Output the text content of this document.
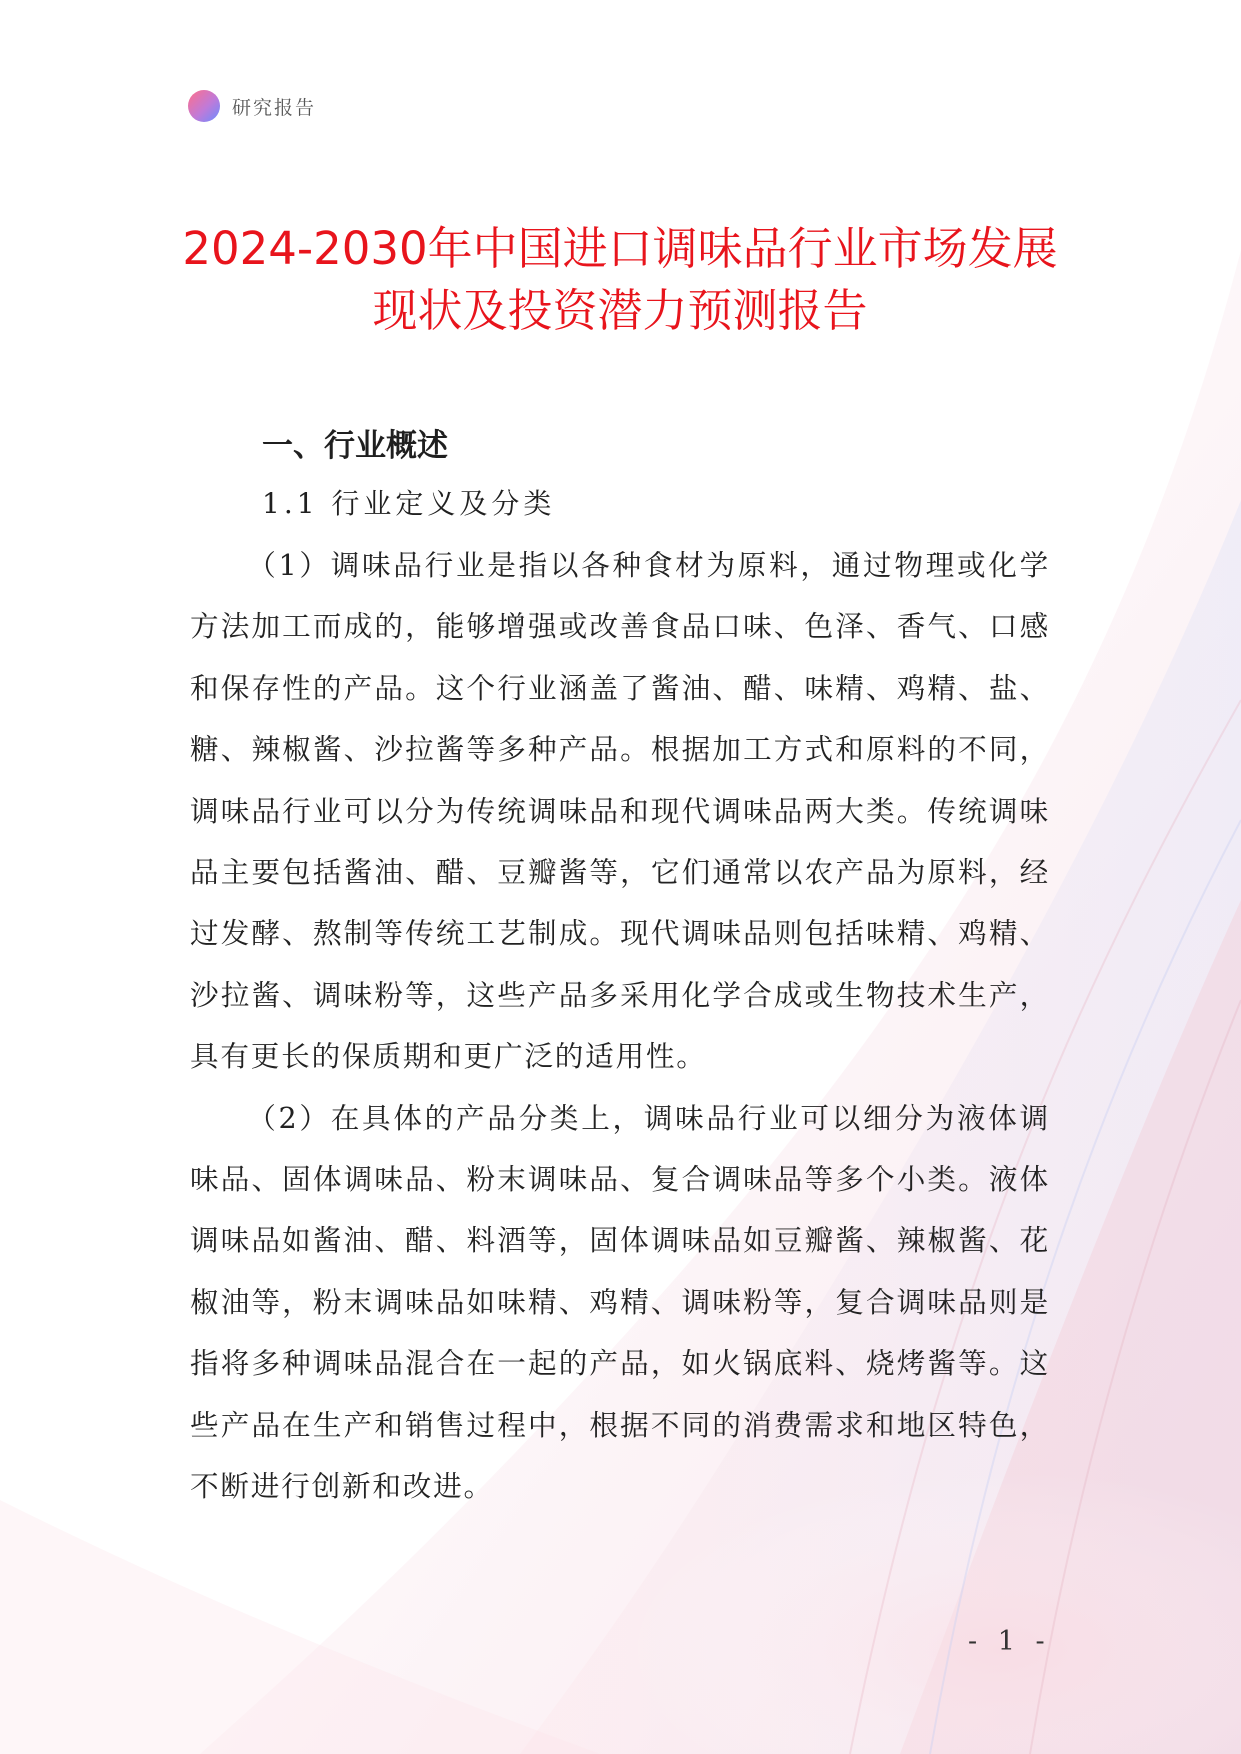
研究报告
2024-2030年中国进口调味品行业市场发展
现状及投资潜力预测报告
一、行业概述
1.1 行业定义及分类

（1）调味品行业是指以各种食材为原料，通过物理或化学方法加工而成的，能够增强或改善食品口味、色泽、香气、口感和保存性的产品。这个行业涵盖了酱油、醋、味精、鸡精、盐、糖、辣椒酱、沙拉酱等多种产品。根据加工方式和原料的不同，调味品行业可以分为传统调味品和现代调味品两大类。传统调味品主要包括酱油、醋、豆瓣酱等，它们通常以农产品为原料，经过发酵、熬制等传统工艺制成。现代调味品则包括味精、鸡精、沙拉酱、调味粉等，这些产品多采用化学合成或生物技术生产，具有更长的保质期和更广泛的适用性。

（2）在具体的产品分类上，调味品行业可以细分为液体调味品、固体调味品、粉末调味品、复合调味品等多个小类。液体调味品如酱油、醋、料酒等，固体调味品如豆瓣酱、辣椒酱、花椒油等，粉末调味品如味精、鸡精、调味粉等，复合调味品则是指将多种调味品混合在一起的产品，如火锅底料、烧烤酱等。这些产品在生产和销售过程中，根据不同的消费需求和地区特色，不断进行创新和改进。

- 1 -
